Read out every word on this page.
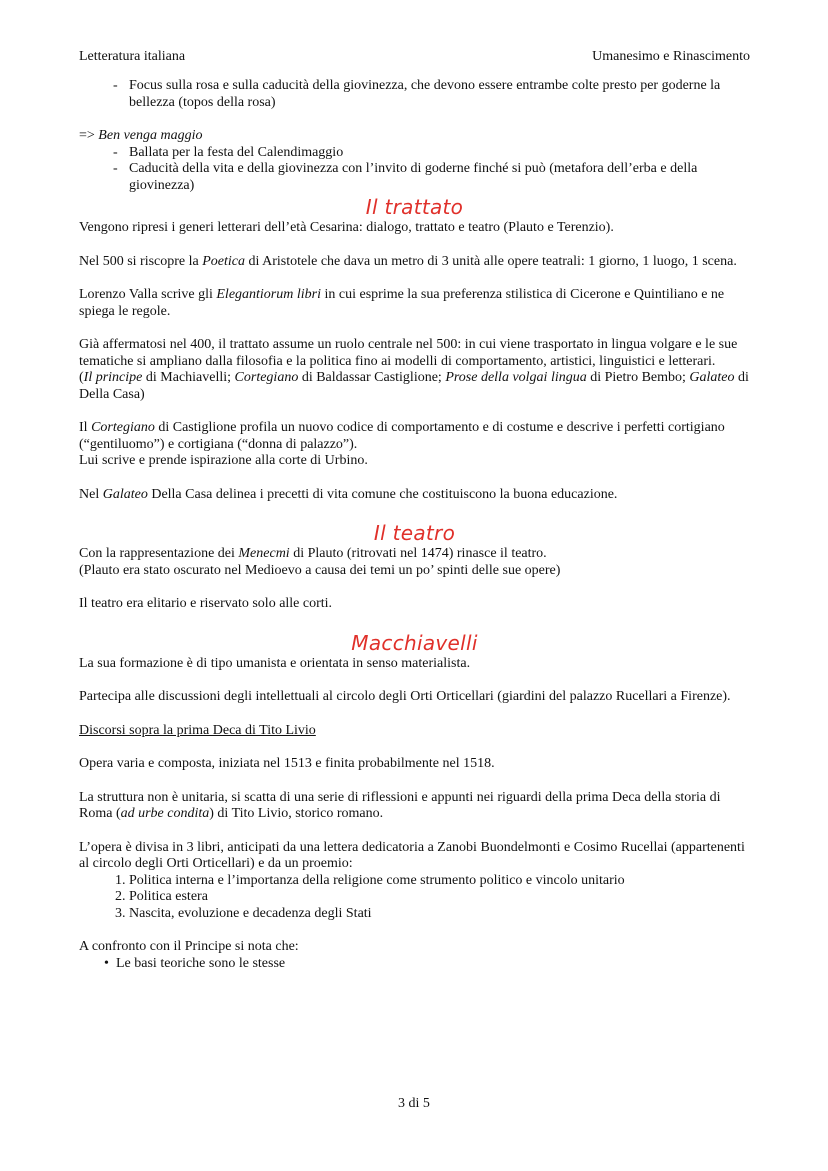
Letteratura italiana	Umanesimo e Rinascimento
- Focus sulla rosa e sulla caducità della giovinezza, che devono essere entrambe colte presto per goderne la bellezza (topos della rosa)
=> Ben venga maggio
- Ballata per la festa del Calendimaggio
- Caducità della vita e della giovinezza con l’invito di goderne finché si può (metafora dell’erba e della giovinezza)
Il trattato

Vengono ripresi i generi letterari dell’età Cesarina: dialogo, trattato e teatro (Plauto e Terenzio).

Nel 500 si riscopre la Poetica di Aristotele che dava un metro di 3 unità alle opere teatrali: 1 giorno, 1 luogo, 1 scena.

Lorenzo Valla scrive gli Elegantiorum libri in cui esprime la sua preferenza stilistica di Cicerone e Quintiliano e ne spiega le regole.

Già affermatosi nel 400, il trattato assume un ruolo centrale nel 500: in cui viene trasportato in lingua volgare e le sue tematiche si ampliano dalla filosofia e la politica fino ai modelli di comportamento, artistici, linguistici e letterari.
(Il principe di Machiavelli; Cortegiano di Baldassar Castiglione; Prose della volgai lingua di Pietro Bembo; Galateo di Della Casa)

Il Cortegiano di Castiglione profila un nuovo codice di comportamento e di costume e descrive i perfetti cortigiano (“gentiluomo”) e cortigiana (“donna di palazzo”).
Lui scrive e prende ispirazione alla corte di Urbino.

Nel Galateo Della Casa delinea i precetti di vita comune che costituiscono la buona educazione.

Il teatro

Con la rappresentazione dei Menecmi di Plauto (ritrovati nel 1474) rinasce il teatro.
(Plauto era stato oscurato nel Medioevo a causa dei temi un po’ spinti delle sue opere)

Il teatro era elitario e riservato solo alle corti.

Macchiavelli

La sua formazione è di tipo umanista e orientata in senso materialista.

Partecipa alle discussioni degli intellettuali al circolo degli Orti Orticellari (giardini del palazzo Rucellari a Firenze).

Discorsi sopra la prima Deca di Tito Livio

Opera varia e composta, iniziata nel 1513 e finita probabilmente nel 1518.

La struttura non è unitaria, si scatta di una serie di riflessioni e appunti nei riguardi della prima Deca della storia di Roma (ad urbe condita) di Tito Livio, storico romano.

L’opera è divisa in 3 libri, anticipati da una lettera dedicatoria a Zanobi Buondelmonti e Cosimo Rucellai (appartenenti al circolo degli Orti Orticellari) e da un proemio:

1. Politica interna e l’importanza della religione come strumento politico e vincolo unitario
2. Politica estera
3. Nascita, evoluzione e decadenza degli Stati

A confronto con il Principe si nota che:

• Le basi teoriche sono le stesse
3 di 5
